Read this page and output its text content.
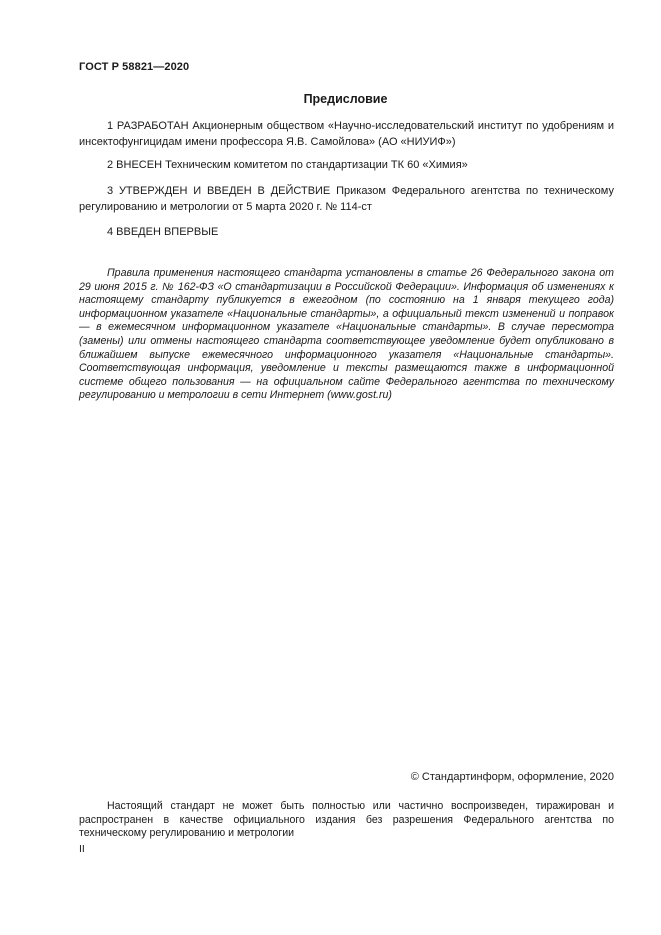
ГОСТ Р 58821—2020
Предисловие

1 РАЗРАБОТАН Акционерным обществом «Научно-исследовательский институт по удобрениям и инсектофунгицидам имени профессора Я.В. Самойлова» (АО «НИУИФ»)

2 ВНЕСЕН Техническим комитетом по стандартизации ТК 60 «Химия»

3 УТВЕРЖДЕН И ВВЕДЕН В ДЕЙСТВИЕ Приказом Федерального агентства по техническому регулированию и метрологии от 5 марта 2020 г. № 114-ст

4 ВВЕДЕН ВПЕРВЫЕ

Правила применения настоящего стандарта установлены в статье 26 Федерального закона от 29 июня 2015 г. № 162-ФЗ «О стандартизации в Российской Федерации». Информация об изменениях к настоящему стандарту публикуется в ежегодном (по состоянию на 1 января текущего года) информационном указателе «Национальные стандарты», а официальный текст изменений и поправок — в ежемесячном информационном указателе «Национальные стандарты». В случае пересмотра (замены) или отмены настоящего стандарта соответствующее уведомление будет опубликовано в ближайшем выпуске ежемесячного информационного указателя «Национальные стандарты». Соответствующая информация, уведомление и тексты размещаются также в информационной системе общего пользования — на официальном сайте Федерального агентства по техническому регулированию и метрологии в сети Интернет (www.gost.ru)

© Стандартинформ, оформление, 2020

Настоящий стандарт не может быть полностью или частично воспроизведен, тиражирован и распространен в качестве официального издания без разрешения Федерального агентства по техническому регулированию и метрологии

II
